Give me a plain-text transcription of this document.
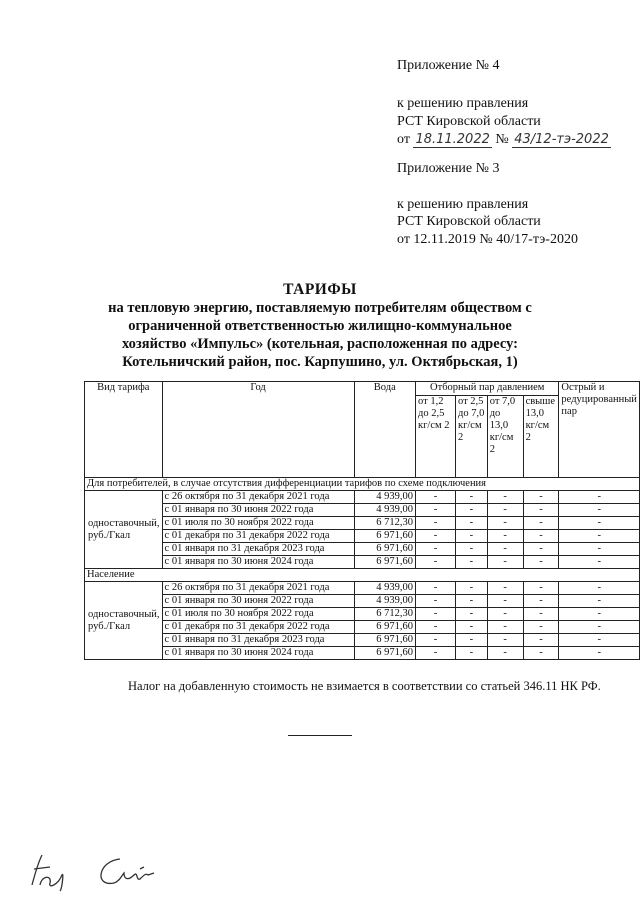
Приложение № 4
к решению правления
РСТ Кировской области
от 18.11.2022 № 43/12-тэ-2022
Приложение № 3
к решению правления
РСТ Кировской области
от 12.11.2019 № 40/17-тэ-2020
ТАРИФЫ
на тепловую энергию, поставляемую потребителям обществом с
ограниченной ответственностью жилищно-коммунальное
хозяйство «Импульс» (котельная, расположенная по адресу:
Котельничский район, пос. Карпушино, ул. Октябрьская, 1)
Вид тарифа	Год	Вода	Отборный пар давлением				Острый и редуцированный пар
			от 1,2 до 2,5 кг/см 2	от 2,5 до 7,0 кг/см 2	от 7,0 до 13,0 кг/см 2	свыше 13,0 кг/см 2	
Для потребителей, в случае отсутствия дифференциации тарифов по схеме подключения							
одноставочный, руб./Гкал	с 26 октября по 31 декабря 2021 года	4 939,00	-	-	-	-	-
	с 01 января по 30 июня 2022 года	4 939,00	-	-	-	-	-
	с 01 июля по 30 ноября 2022 года	6 712,30	-	-	-	-	-
	с 01 декабря по 31 декабря 2022 года	6 971,60	-	-	-	-	-
	с 01 января по 31 декабря 2023 года	6 971,60	-	-	-	-	-
	с 01 января по 30 июня 2024 года	6 971,60	-	-	-	-	-
Население							
одноставочный, руб./Гкал	с 26 октября по 31 декабря 2021 года	4 939,00	-	-	-	-	-
	с 01 января по 30 июня 2022 года	4 939,00	-	-	-	-	-
	с 01 июля по 30 ноября 2022 года	6 712,30	-	-	-	-	-
	с 01 декабря по 31 декабря 2022 года	6 971,60	-	-	-	-	-
	с 01 января по 31 декабря 2023 года	6 971,60	-	-	-	-	-
	с 01 января по 30 июня 2024 года	6 971,60	-	-	-	-	-
Налог на добавленную стоимость не взимается в соответствии со статьей 346.11 НК РФ.
